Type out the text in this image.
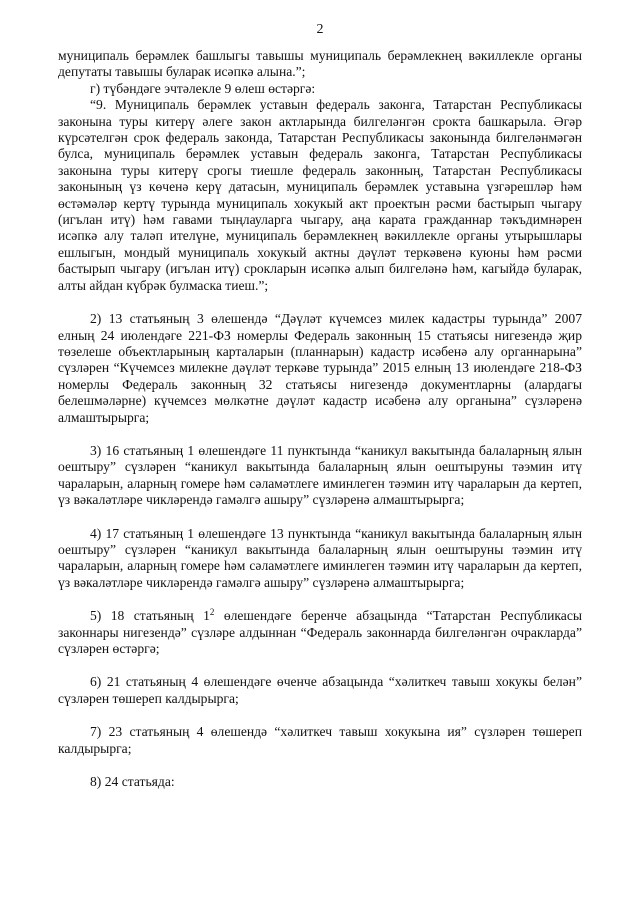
2

муниципаль берәмлек башлыгы тавышы муниципаль берәмлекнең вәкиллекле органы депутаты тавышы буларак исәпкә алына.”;

г) түбәндәге эчтәлекле 9 өлеш өстәргә:

“9. Муниципаль берәмлек уставын федераль законга, Татарстан Республикасы законына туры китерү әлеге закон актларында билгеләнгән срокта башкарыла. Әгәр күрсәтелгән срок федераль законда, Татарстан Республикасы законында билгеләнмәгән булса, муниципаль берәмлек уставын федераль законга, Татарстан Республикасы законына туры китерү срогы тиешле федераль законның, Татарстан Республикасы законының үз көченә керү датасын, муниципаль берәмлек уставына үзгәрешләр һәм өстәмәләр кертү турында муниципаль хокукый акт проектын рәсми бастырып чыгару (игълан итү) һәм гавами тыңлауларга чыгару, аңа карата гражданнар тәкъдимнәрен исәпкә алу таләп ителүне, муниципаль берәмлекнең вәкиллекле органы утырышлары ешлыгын, мондый муниципаль хокукый актны дәүләт теркәвенә куюны һәм рәсми бастырып чыгару (игълан итү) срокларын исәпкә алып билгеләнә һәм, кагыйдә буларак, алты айдан күбрәк булмаска тиеш.”;

2) 13 статьяның 3 өлешендә “Дәүләт күчемсез милек кадастры турында” 2007 елның 24 июлендәге 221-ФЗ номерлы Федераль законның 15 статьясы нигезендә җир төзелеше объектларының карталарын (планнарын) кадастр исәбенә алу органнарына” сүзләрен “Күчемсез милекне дәүләт теркәве турында” 2015 елның 13 июлендәге 218-ФЗ номерлы Федераль законның 32 статьясы нигезендә документларны (алардагы белешмәләрне) күчемсез мөлкәтне дәүләт кадастр исәбенә алу органына” сүзләренә алмаштырырга;

3) 16 статьяның 1 өлешендәге 11 пунктында “каникул вакытында балаларның ялын оештыру” сүзләрен “каникул вакытында балаларның ялын оештыруны тәэмин итү чараларын, аларның гомере һәм сәламәтлеге иминлеген тәэмин итү чараларын да кертеп, үз вәкаләтләре чикләрендә гамәлгә ашыру” сүзләренә алмаштырырга;

4) 17 статьяның 1 өлешендәге 13 пунктында “каникул вакытында балаларның ялын оештыру” сүзләрен “каникул вакытында балаларның ялын оештыруны тәэмин итү чараларын, аларның гомере һәм сәламәтлеге иминлеген тәэмин итү чараларын да кертеп, үз вәкаләтләре чикләрендә гамәлгә ашыру” сүзләренә алмаштырырга;

5) 18 статьяның $1^2$ өлешендәге беренче абзацында “Татарстан Республикасы законнары нигезендә” сүзләре алдыннан “Федераль законнарда билгеләнгән очракларда” сүзләрен өстәргә;

6) 21 статьяның 4 өлешендәге өченче абзацында “хәлиткеч тавыш хокукы белән” сүзләрен төшереп калдырырга;

7) 23 статьяның 4 өлешендә “хәлиткеч тавыш хокукына ия” сүзләрен төшереп калдырырга;

8) 24 статьяда:
